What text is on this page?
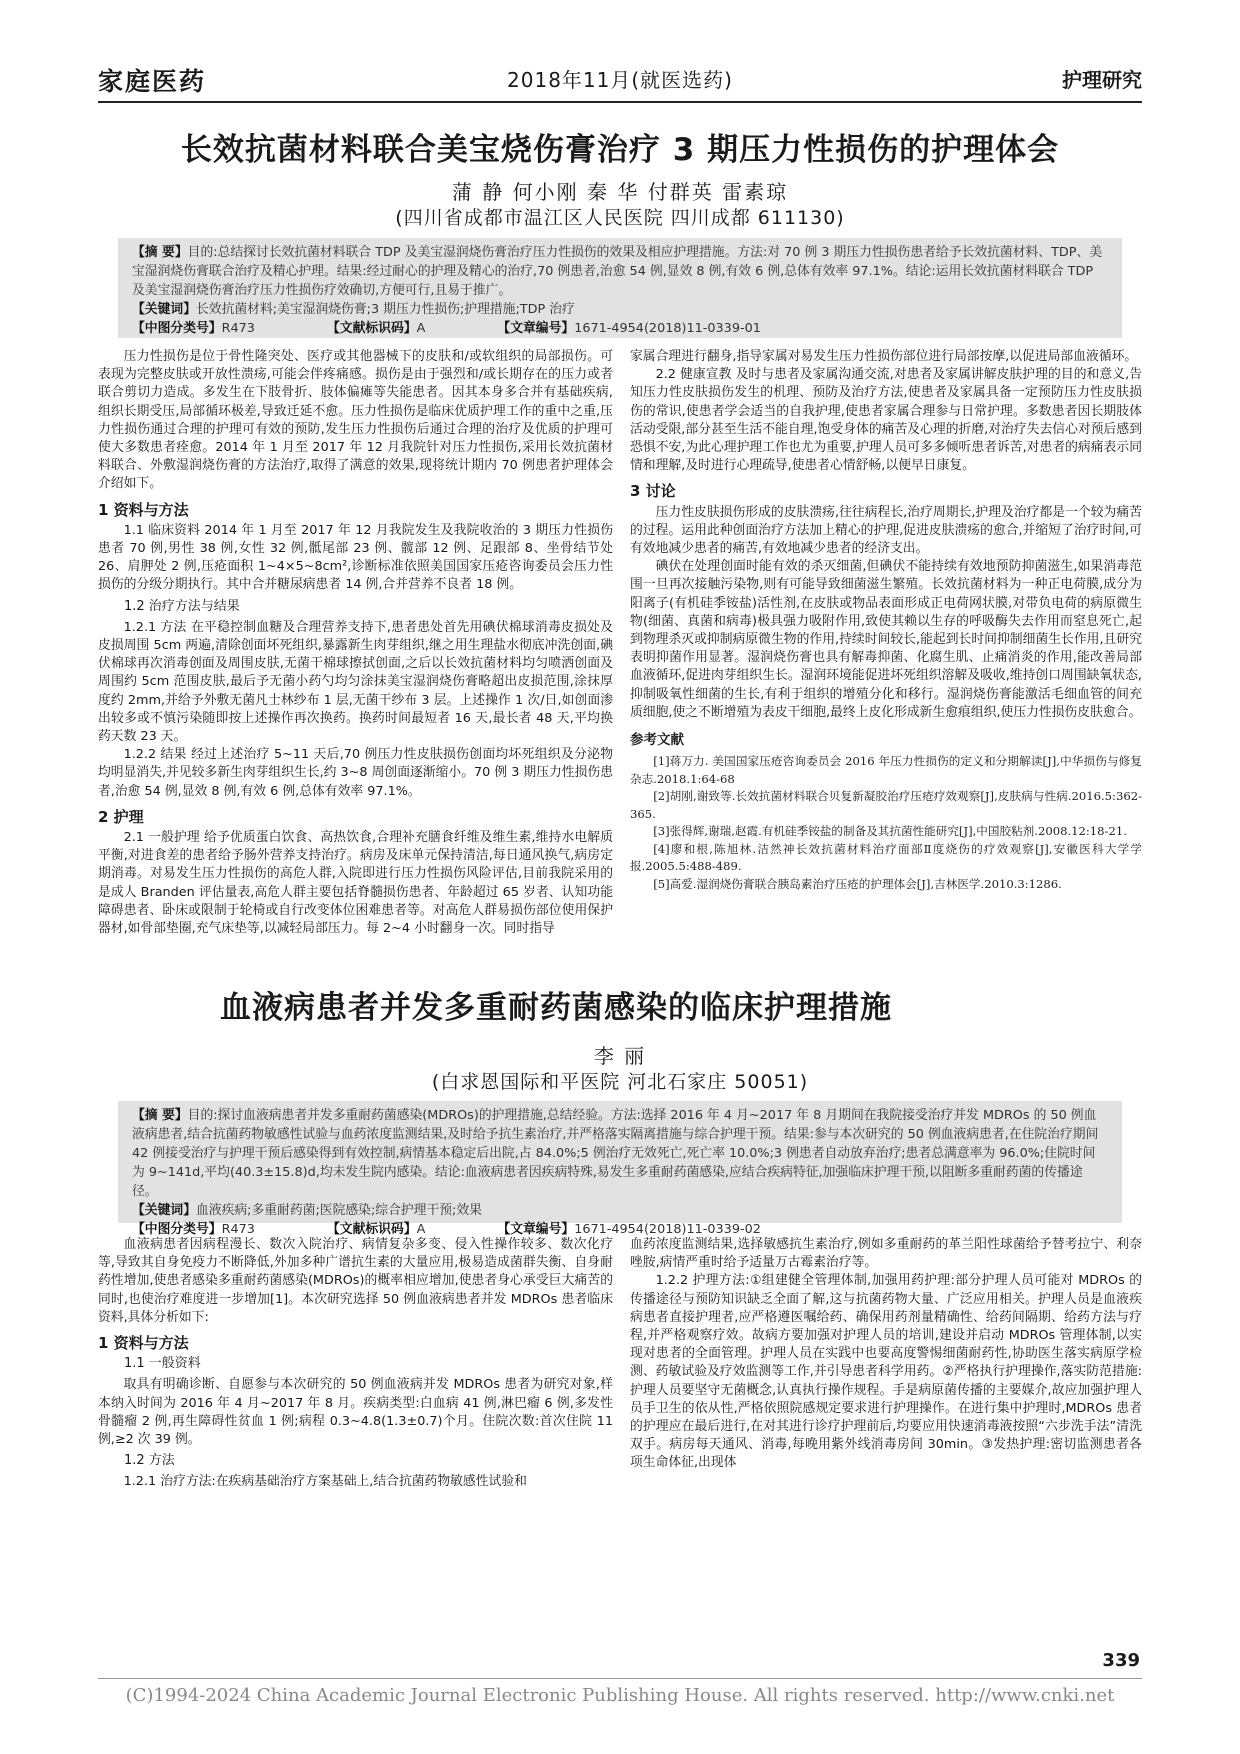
家庭医药	2018年11月(就医选药)	护理研究
长效抗菌材料联合美宝烧伤膏治疗 3 期压力性损伤的护理体会
蒲 静 何小刚 秦 华 付群英 雷素琼
(四川省成都市温江区人民医院 四川成都 611130)

【摘 要】目的:总结探讨长效抗菌材料联合 TDP 及美宝湿润烧伤膏治疗压力性损伤的效果及相应护理措施。方法:对 70 例 3 期压力性损伤患者给予长效抗菌材料、TDP、美宝湿润烧伤膏联合治疗及精心护理。结果:经过耐心的护理及精心的治疗,70 例患者,治愈 54 例,显效 8 例,有效 6 例,总体有效率 97.1%。结论:运用长效抗菌材料联合 TDP 及美宝湿润烧伤膏治疗压力性损伤疗效确切,方便可行,且易于推广。

【关键词】长效抗菌材料;美宝湿润烧伤膏;3 期压力性损伤;护理措施;TDP 治疗

【中图分类号】R473	【文献标识码】A	【文章编号】1671-4954(2018)11-0339-01

压力性损伤是位于骨性隆突处、医疗或其他器械下的皮肤和/或软组织的局部损伤。可表现为完整皮肤或开放性溃疡,可能会伴疼痛感。损伤是由于强烈和/或长期存在的压力或者联合剪切力造成。多发生在下肢骨折、肢体偏瘫等失能患者。因其本身多合并有基础疾病,组织长期受压,局部循环极差,导致迁延不愈。压力性损伤是临床优质护理工作的重中之重,压力性损伤通过合理的护理可有效的预防,发生压力性损伤后通过合理的治疗及优质的护理可使大多数患者痊愈。2014 年 1 月至 2017 年 12 月我院针对压力性损伤,采用长效抗菌材料联合、外敷湿润烧伤膏的方法治疗,取得了满意的效果,现将统计期内 70 例患者护理体会介绍如下。

1 资料与方法

1.1 临床资料 2014 年 1 月至 2017 年 12 月我院发生及我院收治的 3 期压力性损伤患者 70 例,男性 38 例,女性 32 例,骶尾部 23 例、髋部 12 例、足跟部 8、坐骨结节处 26、肩胛处 2 例,压疮面积 1~4×5~8cm²,诊断标准依照美国国家压疮咨询委员会压力性损伤的分级分期执行。其中合并糖尿病患者 14 例,合并营养不良者 18 例。

1.2 治疗方法与结果

1.2.1 方法 在平稳控制血糖及合理营养支持下,患者患处首先用碘伏棉球消毒皮损处及皮损周围 5cm 两遍,清除创面坏死组织,暴露新生肉芽组织,继之用生理盐水彻底冲洗创面,碘伏棉球再次消毒创面及周围皮肤,无菌干棉球擦拭创面,之后以长效抗菌材料均匀喷洒创面及周围约 5cm 范围皮肤,最后予无菌小药勺均匀涂抹美宝湿润烧伤膏略超出皮损范围,涂抹厚度约 2mm,并给予外敷无菌凡士林纱布 1 层,无菌干纱布 3 层。上述操作 1 次/日,如创面渗出较多或不慎污染随即按上述操作再次换药。换药时间最短者 16 天,最长者 48 天,平均换药天数 23 天。

1.2.2 结果 经过上述治疗 5~11 天后,70 例压力性皮肤损伤创面均坏死组织及分泌物均明显消失,并见较多新生肉芽组织生长,约 3~8 周创面逐渐缩小。70 例 3 期压力性损伤患者,治愈 54 例,显效 8 例,有效 6 例,总体有效率 97.1%。

2 护理

2.1 一般护理 给予优质蛋白饮食、高热饮食,合理补充膳食纤维及维生素,维持水电解质平衡,对进食差的患者给予肠外营养支持治疗。病房及床单元保持清洁,每日通风换气,病房定期消毒。对易发生压力性损伤的高危人群,入院即进行压力性损伤风险评估,目前我院采用的是成人 Branden 评估量表,高危人群主要包括脊髓损伤患者、年龄超过 65 岁者、认知功能障碍患者、卧床或限制于轮椅或自行改变体位困难患者等。对高危人群易损伤部位使用保护器材,如骨部垫圈,充气床垫等,以减轻局部压力。每 2~4 小时翻身一次。同时指导

家属合理进行翻身,指导家属对易发生压力性损伤部位进行局部按摩,以促进局部血液循环。

2.2 健康宣教 及时与患者及家属沟通交流,对患者及家属讲解皮肤护理的目的和意义,告知压力性皮肤损伤发生的机理、预防及治疗方法,使患者及家属具备一定预防压力性皮肤损伤的常识,使患者学会适当的自我护理,使患者家属合理参与日常护理。多数患者因长期肢体活动受限,部分甚至生活不能自理,饱受身体的痛苦及心理的折磨,对治疗失去信心对预后感到恐惧不安,为此心理护理工作也尤为重要,护理人员可多多倾听患者诉苦,对患者的病痛表示同情和理解,及时进行心理疏导,使患者心情舒畅,以便早日康复。

3 讨论

压力性皮肤损伤形成的皮肤溃疡,往往病程长,治疗周期长,护理及治疗都是一个较为痛苦的过程。运用此种创面治疗方法加上精心的护理,促进皮肤溃疡的愈合,并缩短了治疗时间,可有效地减少患者的痛苦,有效地减少患者的经济支出。

碘伏在处理创面时能有效的杀灭细菌,但碘伏不能持续有效地预防抑菌滋生,如果消毒范围一旦再次接触污染物,则有可能导致细菌滋生繁殖。长效抗菌材料为一种正电荷膜,成分为阳离子(有机硅季铵盐)活性剂,在皮肤或物品表面形成正电荷网状膜,对带负电荷的病原微生物(细菌、真菌和病毒)极具强力吸附作用,致使其赖以生存的呼吸酶失去作用而窒息死亡,起到物理杀灭或抑制病原微生物的作用,持续时间较长,能起到长时间抑制细菌生长作用,且研究表明抑菌作用显著。湿润烧伤膏也具有解毒抑菌、化腐生肌、止痛消炎的作用,能改善局部血液循环,促进肉芽组织生长。湿润环境能促进坏死组织溶解及吸收,维持创口周围缺氧状态,抑制吸氧性细菌的生长,有利于组织的增殖分化和移行。湿润烧伤膏能激活毛细血管的间充质细胞,使之不断增殖为表皮干细胞,最终上皮化形成新生愈痕组织,使压力性损伤皮肤愈合。

参考文献

[1]蒋万力. 美国国家压疮咨询委员会 2016 年压力性损伤的定义和分期解读[J],中华损伤与修复杂志.2018.1:64-68

[2]胡刚,谢致等.长效抗菌材料联合贝复新凝胶治疗压疮疗效观察[J],皮肤病与性病.2016.5:362-365.

[3]张得辉,谢瑞,赵霞.有机硅季铵盐的制备及其抗菌性能研究[J],中国胶粘剂.2008.12:18-21.

[4]廖和根,陈旭林.洁然神长效抗菌材料治疗面部Ⅱ度烧伤的疗效观察[J],安徽医科大学学报.2005.5:488-489.

[5]高爱.湿润烧伤膏联合胰岛素治疗压疮的护理体会[J],吉林医学.2010.3:1286.

血液病患者并发多重耐药菌感染的临床护理措施
李 丽
(白求恩国际和平医院 河北石家庄 50051)

【摘 要】目的:探讨血液病患者并发多重耐药菌感染(MDROs)的护理措施,总结经验。方法:选择 2016 年 4 月~2017 年 8 月期间在我院接受治疗并发 MDROs 的 50 例血液病患者,结合抗菌药物敏感性试验与血药浓度监测结果,及时给予抗生素治疗,并严格落实隔离措施与综合护理干预。结果:参与本次研究的 50 例血液病患者,在住院治疗期间 42 例接受治疗与护理干预后感染得到有效控制,病情基本稳定后出院,占 84.0%;5 例治疗无效死亡,死亡率 10.0%;3 例患者自动放弃治疗;患者总满意率为 96.0%;住院时间为 9~141d,平均(40.3±15.8)d,均未发生院内感染。结论:血液病患者因疾病特殊,易发生多重耐药菌感染,应结合疾病特征,加强临床护理干预,以阻断多重耐药菌的传播途径。

【关键词】血液疾病;多重耐药菌;医院感染;综合护理干预;效果

【中图分类号】R473	【文献标识码】A	【文章编号】1671-4954(2018)11-0339-02

血液病患者因病程漫长、数次入院治疗、病情复杂多变、侵入性操作较多、数次化疗等,导致其自身免疫力不断降低,外加多种广谱抗生素的大量应用,极易造成菌群失衡、自身耐药性增加,使患者感染多重耐药菌感染(MDROs)的概率相应增加,使患者身心承受巨大痛苦的同时,也使治疗难度进一步增加[1]。本次研究选择 50 例血液病患者并发 MDROs 患者临床资料,具体分析如下:

1 资料与方法

1.1 一般资料

取具有明确诊断、自愿参与本次研究的 50 例血液病并发 MDROs 患者为研究对象,样本纳入时间为 2016 年 4 月~2017 年 8 月。疾病类型:白血病 41 例,淋巴瘤 6 例,多发性骨髓瘤 2 例,再生障碍性贫血 1 例;病程 0.3~4.8(1.3±0.7)个月。住院次数:首次住院 11 例,≥2 次 39 例。

1.2 方法

1.2.1 治疗方法:在疾病基础治疗方案基础上,结合抗菌药物敏感性试验和

血药浓度监测结果,选择敏感抗生素治疗,例如多重耐药的革兰阳性球菌给予替考拉宁、利奈唑胺,病情严重时给予适量万古霉素治疗等。

1.2.2 护理方法:①组建健全管理体制,加强用药护理:部分护理人员可能对 MDROs 的传播途径与预防知识缺乏全面了解,这与抗菌药物大量、广泛应用相关。护理人员是血液疾病患者直接护理者,应严格遵医嘱给药、确保用药剂量精确性、给药间隔期、给药方法与疗程,并严格观察疗效。故病方要加强对护理人员的培训,建设并启动 MDROs 管理体制,以实现对患者的全面管理。护理人员在实践中也要高度警惕细菌耐药性,协助医生落实病原学检测、药敏试验及疗效监测等工作,并引导患者科学用药。②严格执行护理操作,落实防范措施:护理人员要坚守无菌概念,认真执行操作规程。手是病原菌传播的主要媒介,故应加强护理人员手卫生的依从性,严格依照院感规定要求进行护理操作。在进行集中护理时,MDROs 患者的护理应在最后进行,在对其进行诊疗护理前后,均要应用快速消毒液按照“六步洗手法”清洗双手。病房每天通风、消毒,每晚用紫外线消毒房间 30min。③发热护理:密切监测患者各项生命体征,出现体

339
(C)1994-2024 China Academic Journal Electronic Publishing House. All rights reserved. http://www.cnki.net
